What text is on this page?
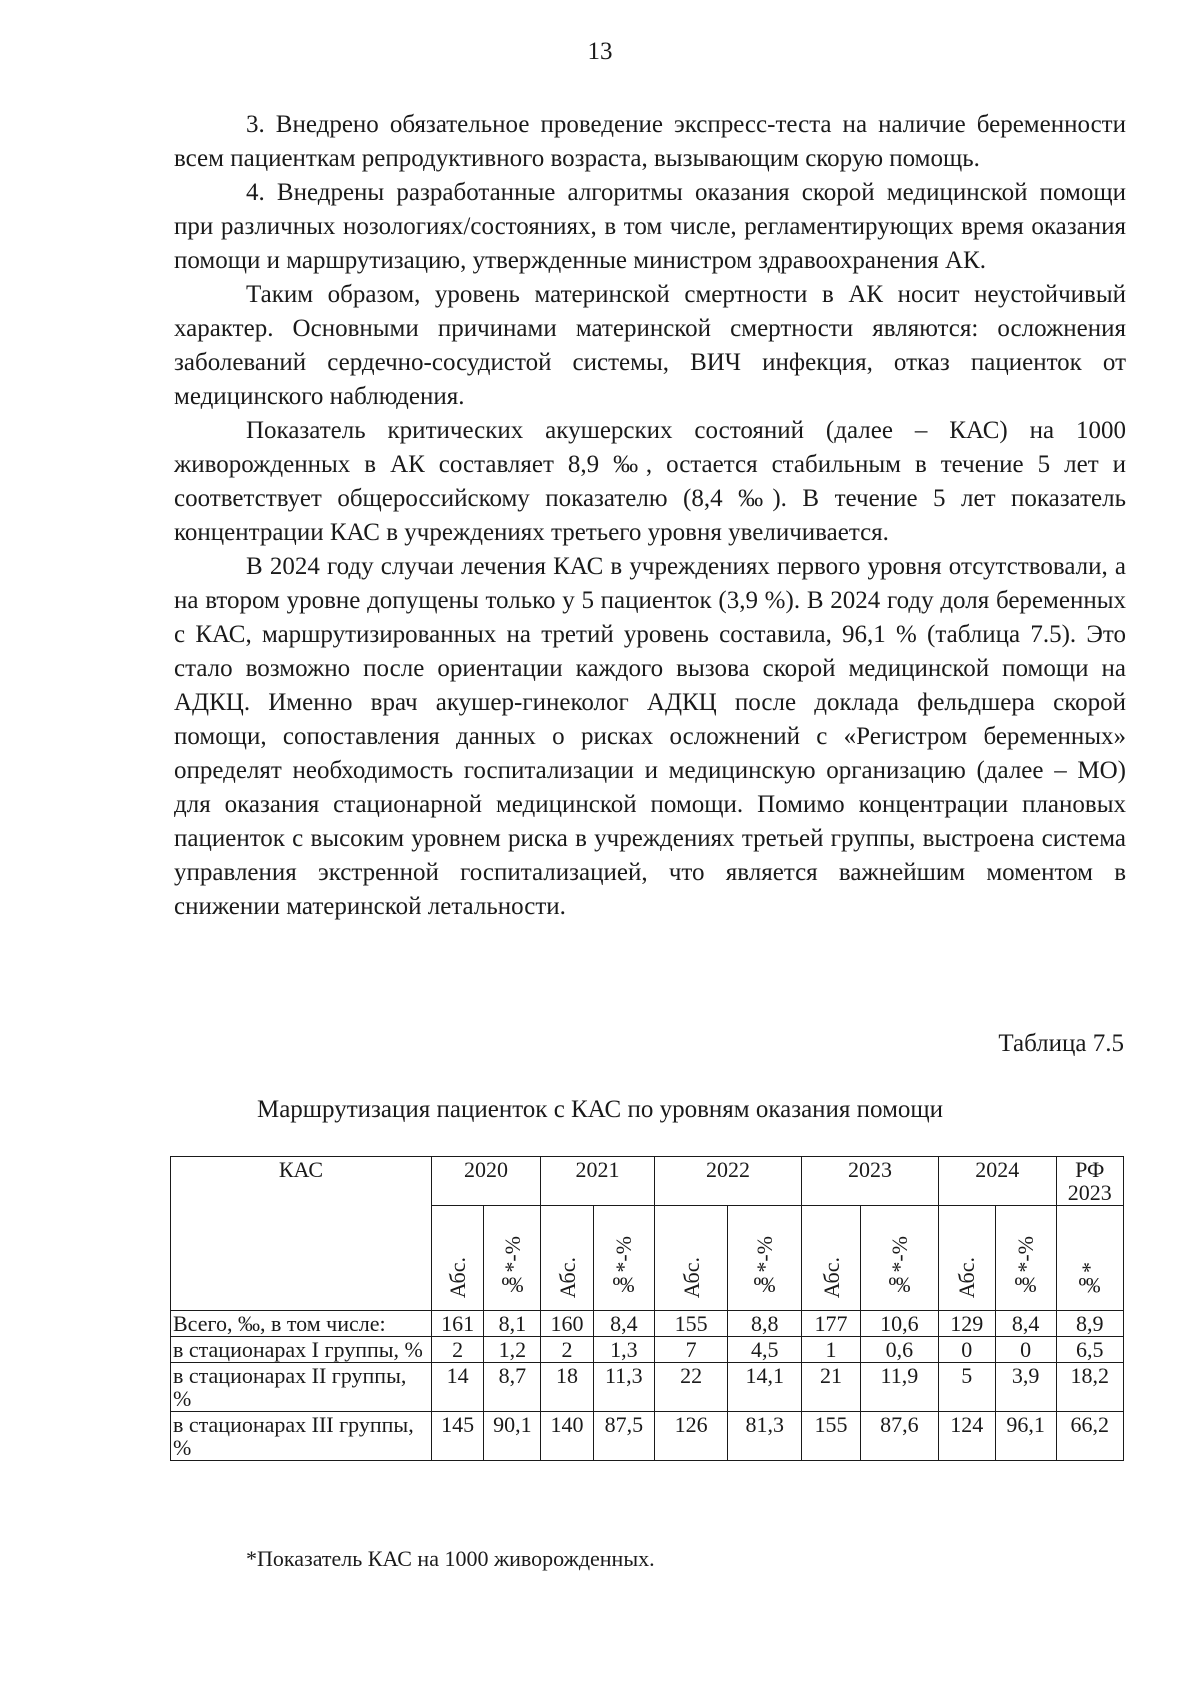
13

3. Внедрено обязательное проведение экспресс-теста на наличие беременности всем пациенткам репродуктивного возраста, вызывающим скорую помощь.

4. Внедрены разработанные алгоритмы оказания скорой медицинской помощи при различных нозологиях/состояниях, в том числе, регламентирующих время оказания помощи и маршрутизацию, утвержденные министром здравоохранения АК.

Таким образом, уровень материнской смертности в АК носит неустойчивый характер. Основными причинами материнской смертности являются: осложнения заболеваний сердечно-сосудистой системы, ВИЧ инфекция, отказ пациенток от медицинского наблюдения.

Показатель критических акушерских состояний (далее – КАС) на 1000 живорожденных в АК составляет 8,9 ‰, остается стабильным в течение 5 лет и соответствует общероссийскому показателю (8,4 ‰). В течение 5 лет показатель концентрации КАС в учреждениях третьего уровня увеличивается.

В 2024 году случаи лечения КАС в учреждениях первого уровня отсутствовали, а на втором уровне допущены только у 5 пациенток (3,9 %). В 2024 году доля беременных с КАС, маршрутизированных на третий уровень составила, 96,1 % (таблица 7.5). Это стало возможно после ориентации каждого вызова скорой медицинской помощи на АДКЦ. Именно врач акушер-гинеколог АДКЦ после доклада фельдшера скорой помощи, сопоставления данных о рисках осложнений с «Регистром беременных» определят необходимость госпитализации и медицинскую организацию (далее – МО) для оказания стационарной медицинской помощи. Помимо концентрации плановых пациенток с высоким уровнем риска в учреждениях третьей группы, выстроена система управления экстренной госпитализацией, что является важнейшим моментом в снижении материнской летальности.

Таблица 7.5
Маршрутизация пациенток с КАС по уровням оказания помощи
КАС	2020		2021		2022		2023		2024		РФ 2023
	Абс.	‰*-%	Абс.	‰*-%	Абс.	‰*-%	Абс.	‰*-%	Абс.	‰*-%	‰*
Всего, ‰, в том числе:	161	8,1	160	8,4	155	8,8	177	10,6	129	8,4	8,9
в стационарах I группы, %	2	1,2	2	1,3	7	4,5	1	0,6	0	0	6,5
в стационарах II группы, %	14	8,7	18	11,3	22	14,1	21	11,9	5	3,9	18,2
в стационарах III группы, %	145	90,1	140	87,5	126	81,3	155	87,6	124	96,1	66,2
*Показатель КАС на 1000 живорожденных.
